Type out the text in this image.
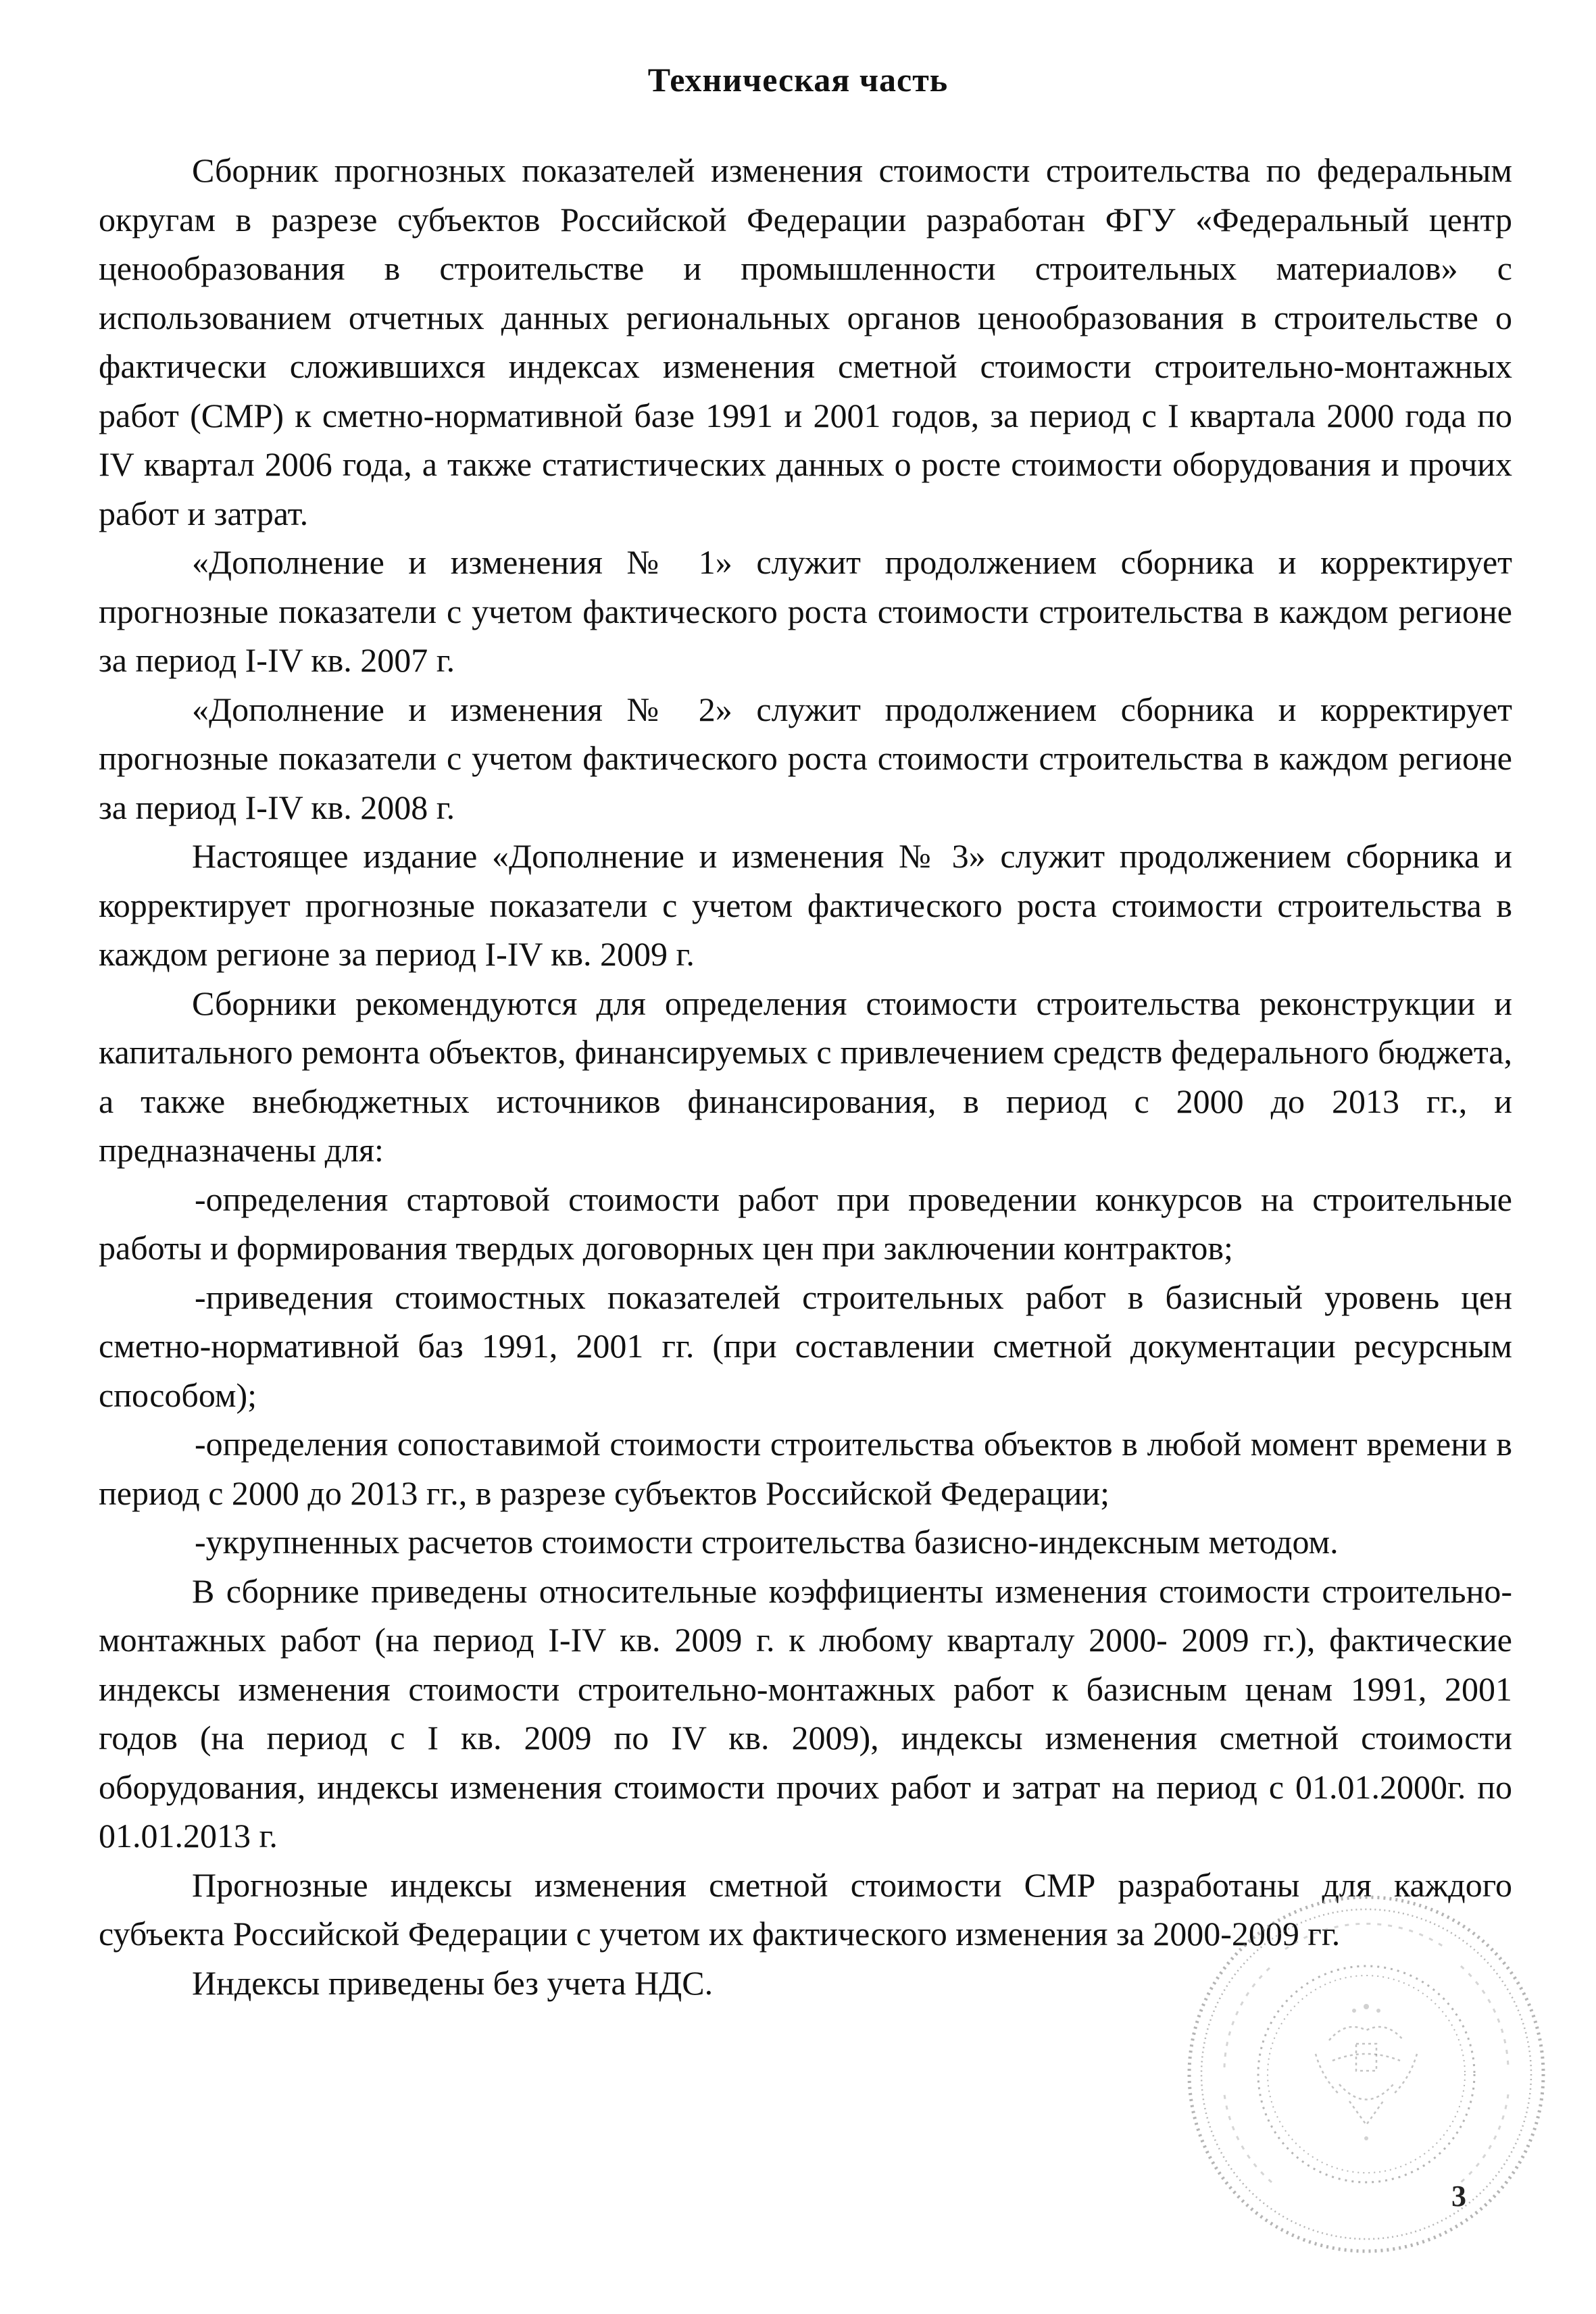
Техническая часть

Сборник прогнозных показателей изменения стоимости строительства по федеральным округам в разрезе субъектов Российской Федерации разработан ФГУ «Федеральный центр ценообразования в строительстве и промышленности строительных материалов» с использованием отчетных данных региональных органов ценообразования в строительстве о фактически сложившихся индексах изменения сметной стоимости строительно-монтажных работ (СМР) к сметно-нормативной базе 1991 и 2001 годов, за период с I квартала 2000 года по IV квартал 2006 года, а также статистических данных о росте стоимости оборудования и прочих работ и затрат.

«Дополнение и изменения № 1» служит продолжением сборника и корректирует прогнозные показатели с учетом фактического роста стоимости строительства в каждом регионе за период I-IV кв. 2007 г.

«Дополнение и изменения № 2» служит продолжением сборника и корректирует прогнозные показатели с учетом фактического роста стоимости строительства в каждом регионе за период I-IV кв. 2008 г.

Настоящее издание «Дополнение и изменения № 3» служит продолжением сборника и корректирует прогнозные показатели с учетом фактического роста стоимости строительства в каждом регионе за период I-IV кв. 2009 г.

Сборники рекомендуются для определения стоимости строительства реконструкции и капитального ремонта объектов, финансируемых с привлечением средств федерального бюджета, а также внебюджетных источников финансирования, в период с 2000 до 2013 гг., и предназначены для:

-определения стартовой стоимости работ при проведении конкурсов на строительные работы и формирования твердых договорных цен при заключении контрактов;

-приведения стоимостных показателей строительных работ в базисный уровень цен сметно-нормативной баз 1991, 2001 гг. (при составлении сметной документации ресурсным способом);

-определения сопоставимой стоимости строительства объектов в любой момент времени в период с 2000 до 2013 гг., в разрезе субъектов Российской Федерации;

-укрупненных расчетов стоимости строительства базисно-индексным методом.

В сборнике приведены относительные коэффициенты изменения стоимости строительно-монтажных работ (на период I-IV кв. 2009 г. к любому кварталу 2000- 2009 гг.), фактические индексы изменения стоимости строительно-монтажных работ к базисным ценам 1991, 2001 годов (на период с I кв. 2009 по IV кв. 2009), индексы изменения сметной стоимости оборудования, индексы изменения стоимости прочих работ и затрат на период с 01.01.2000г. по 01.01.2013 г.

Прогнозные индексы изменения сметной стоимости СМР разработаны для каждого субъекта Российской Федерации с учетом их фактического изменения за 2000-2009 гг.

Индексы приведены без учета НДС.

3
